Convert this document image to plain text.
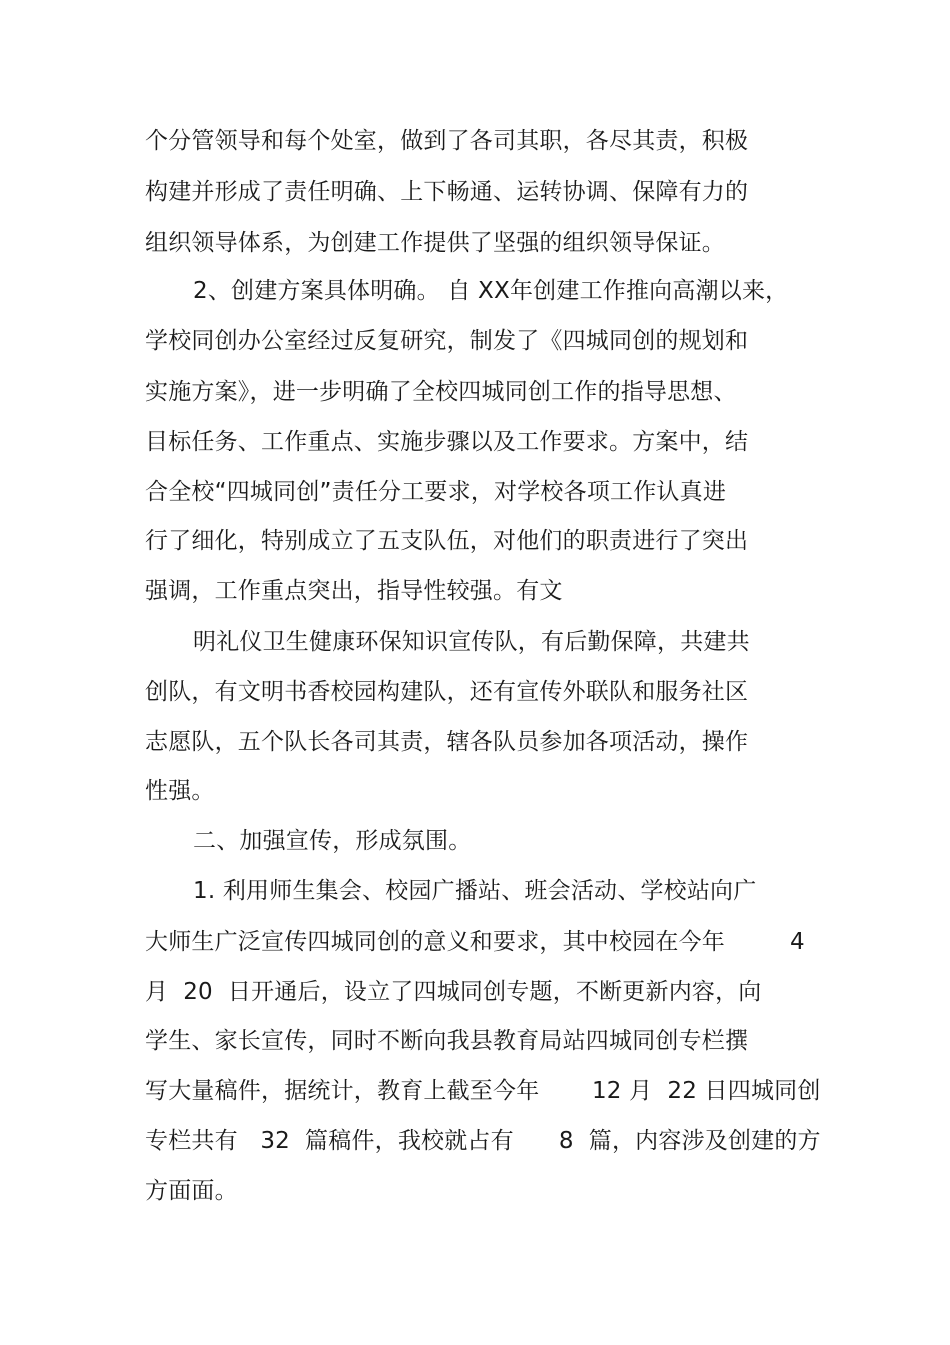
个分管领导和每个处室，做到了各司其职，各尽其责，积极
构建并形成了责任明确、上下畅通、运转协调、保障有力的
组织领导体系，为创建工作提供了坚强的组织领导保证。
2、创建方案具体明确。 自 XX年创建工作推向高潮以来，
学校同创办公室经过反复研究，制发了《四城同创的规划和
实施方案》，进一步明确了全校四城同创工作的指导思想、
目标任务、工作重点、实施步骤以及工作要求。方案中，结
合全校“四城同创”责任分工要求，对学校各项工作认真进
行了细化，特别成立了五支队伍，对他们的职责进行了突出
强调，工作重点突出，指导性较强。有文
明礼仪卫生健康环保知识宣传队，有后勤保障，共建共
创队，有文明书香校园构建队，还有宣传外联队和服务社区
志愿队，五个队长各司其责，辖各队员参加各项活动，操作
性强。
二、加强宣传，形成氛围。
1. 利用师生集会、校园广播站、班会活动、学校站向广
大师生广泛宣传四城同创的意义和要求，其中校园在今年	4
月  20  日开通后，设立了四城同创专题，不断更新内容，向
学生、家长宣传，同时不断向我县教育局站四城同创专栏撰
写大量稿件，据统计，教育上截至今年       12 月  22 日四城同创
专栏共有   32  篇稿件，我校就占有      8  篇，内容涉及创建的方
方面面。
